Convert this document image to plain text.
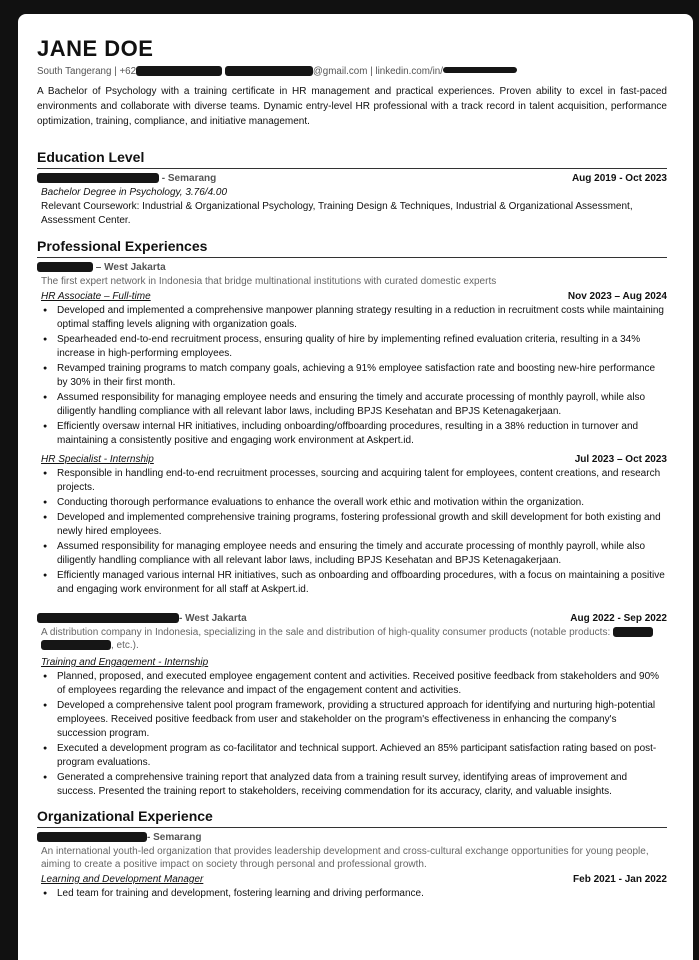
JANE DOE
South Tangerang | +62	@gmail.com | linkedin.com/in/
A Bachelor of Psychology with a training certificate in HR management and practical experiences. Proven ability to excel in fast-paced environments and collaborate with diverse teams. Dynamic entry-level HR professional with a track record in talent acquisition, performance optimization, training, compliance, and initiative management.
Education Level
- Semarang	Aug 2019 - Oct 2023
Bachelor Degree in Psychology, 3.76/4.00
Relevant Coursework: Industrial & Organizational Psychology, Training Design & Techniques, Industrial & Organizational Assessment, Assessment Center.
Professional Experiences
– West Jakarta
The first expert network in Indonesia that bridge multinational institutions with curated domestic experts
HR Associate – Full-time	Nov 2023 – Aug 2024
● Developed and implemented a comprehensive manpower planning strategy resulting in a reduction in recruitment costs while maintaining optimal staffing levels aligning with organization goals.
● Spearheaded end-to-end recruitment process, ensuring quality of hire by implementing refined evaluation criteria, resulting in a 34% increase in high-performing employees.
● Revamped training programs to match company goals, achieving a 91% employee satisfaction rate and boosting new-hire performance by 30% in their first month.
● Assumed responsibility for managing employee needs and ensuring the timely and accurate processing of monthly payroll, while also diligently handling compliance with all relevant labor laws, including BPJS Kesehatan and BPJS Ketenagakerjaan.
● Efficiently oversaw internal HR initiatives, including onboarding/offboarding procedures, resulting in a 38% reduction in turnover and maintaining a consistently positive and engaging work environment at Askpert.id.
HR Specialist - Internship	Jul 2023 – Oct 2023
● Responsible in handling end-to-end recruitment processes, sourcing and acquiring talent for employees, content creations, and research projects.
● Conducting thorough performance evaluations to enhance the overall work ethic and motivation within the organization.
● Developed and implemented comprehensive training programs, fostering professional growth and skill development for both existing and newly hired employees.
● Assumed responsibility for managing employee needs and ensuring the timely and accurate processing of monthly payroll, while also diligently handling compliance with all relevant labor laws, including BPJS Kesehatan and BPJS Ketenagakerjaan.
● Efficiently managed various internal HR initiatives, such as onboarding and offboarding procedures, with a focus on maintaining a positive and engaging work environment for all staff at Askpert.id.
- West Jakarta	Aug 2022 - Sep 2022
A distribution company in Indonesia, specializing in the sale and distribution of high-quality consumer products (notable products:  , etc.).
Training and Engagement - Internship
● Planned, proposed, and executed employee engagement content and activities. Received positive feedback from stakeholders and 90% of employees regarding the relevance and impact of the engagement content and activities.
● Developed a comprehensive talent pool program framework, providing a structured approach for identifying and nurturing high-potential employees. Received positive feedback from user and stakeholder on the program's effectiveness in enhancing the company's succession program.
● Executed a development program as co-facilitator and technical support. Achieved an 85% participant satisfaction rating based on post-program evaluations.
● Generated a comprehensive training report that analyzed data from a training result survey, identifying areas of improvement and success. Presented the training report to stakeholders, receiving commendation for its accuracy, clarity, and valuable insights.
Organizational Experience
- Semarang
An international youth-led organization that provides leadership development and cross-cultural exchange opportunities for young people, aiming to create a positive impact on society through personal and professional growth.
Learning and Development Manager	Feb 2021 - Jan 2022
● Led team for training and development, fostering learning and driving performance.
